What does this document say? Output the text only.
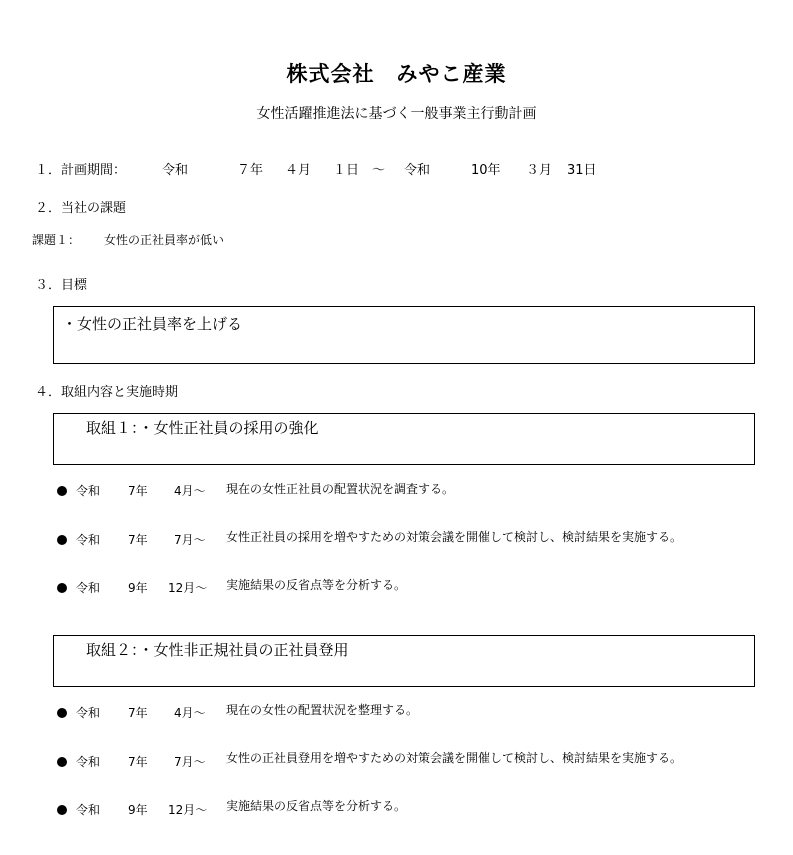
株式会社　みやこ産業
女性活躍推進法に基づく一般事業主行動計画
１．計画期間：	令和	７年 ４月 １日 ～ 令和	10年 ３月 31日
２．当社の課題
課題１： 女性の正社員率が低い
３．目標
・女性の正社員率を上げる
４．取組内容と実施時期
取組１：・女性正社員の採用の強化
令和 7年 4月～ 現在の女性正社員の配置状況を調査する。
令和 7年 7月～ 女性正社員の採用を増やすための対策会議を開催して検討し、検討結果を実施する。
令和 9年 12月～ 実施結果の反省点等を分析する。
取組２：・女性非正規社員の正社員登用
令和 7年 4月～ 現在の女性の配置状況を整理する。
令和 7年 7月～ 女性の正社員登用を増やすための対策会議を開催して検討し、検討結果を実施する。
令和 9年 12月～ 実施結果の反省点等を分析する。
